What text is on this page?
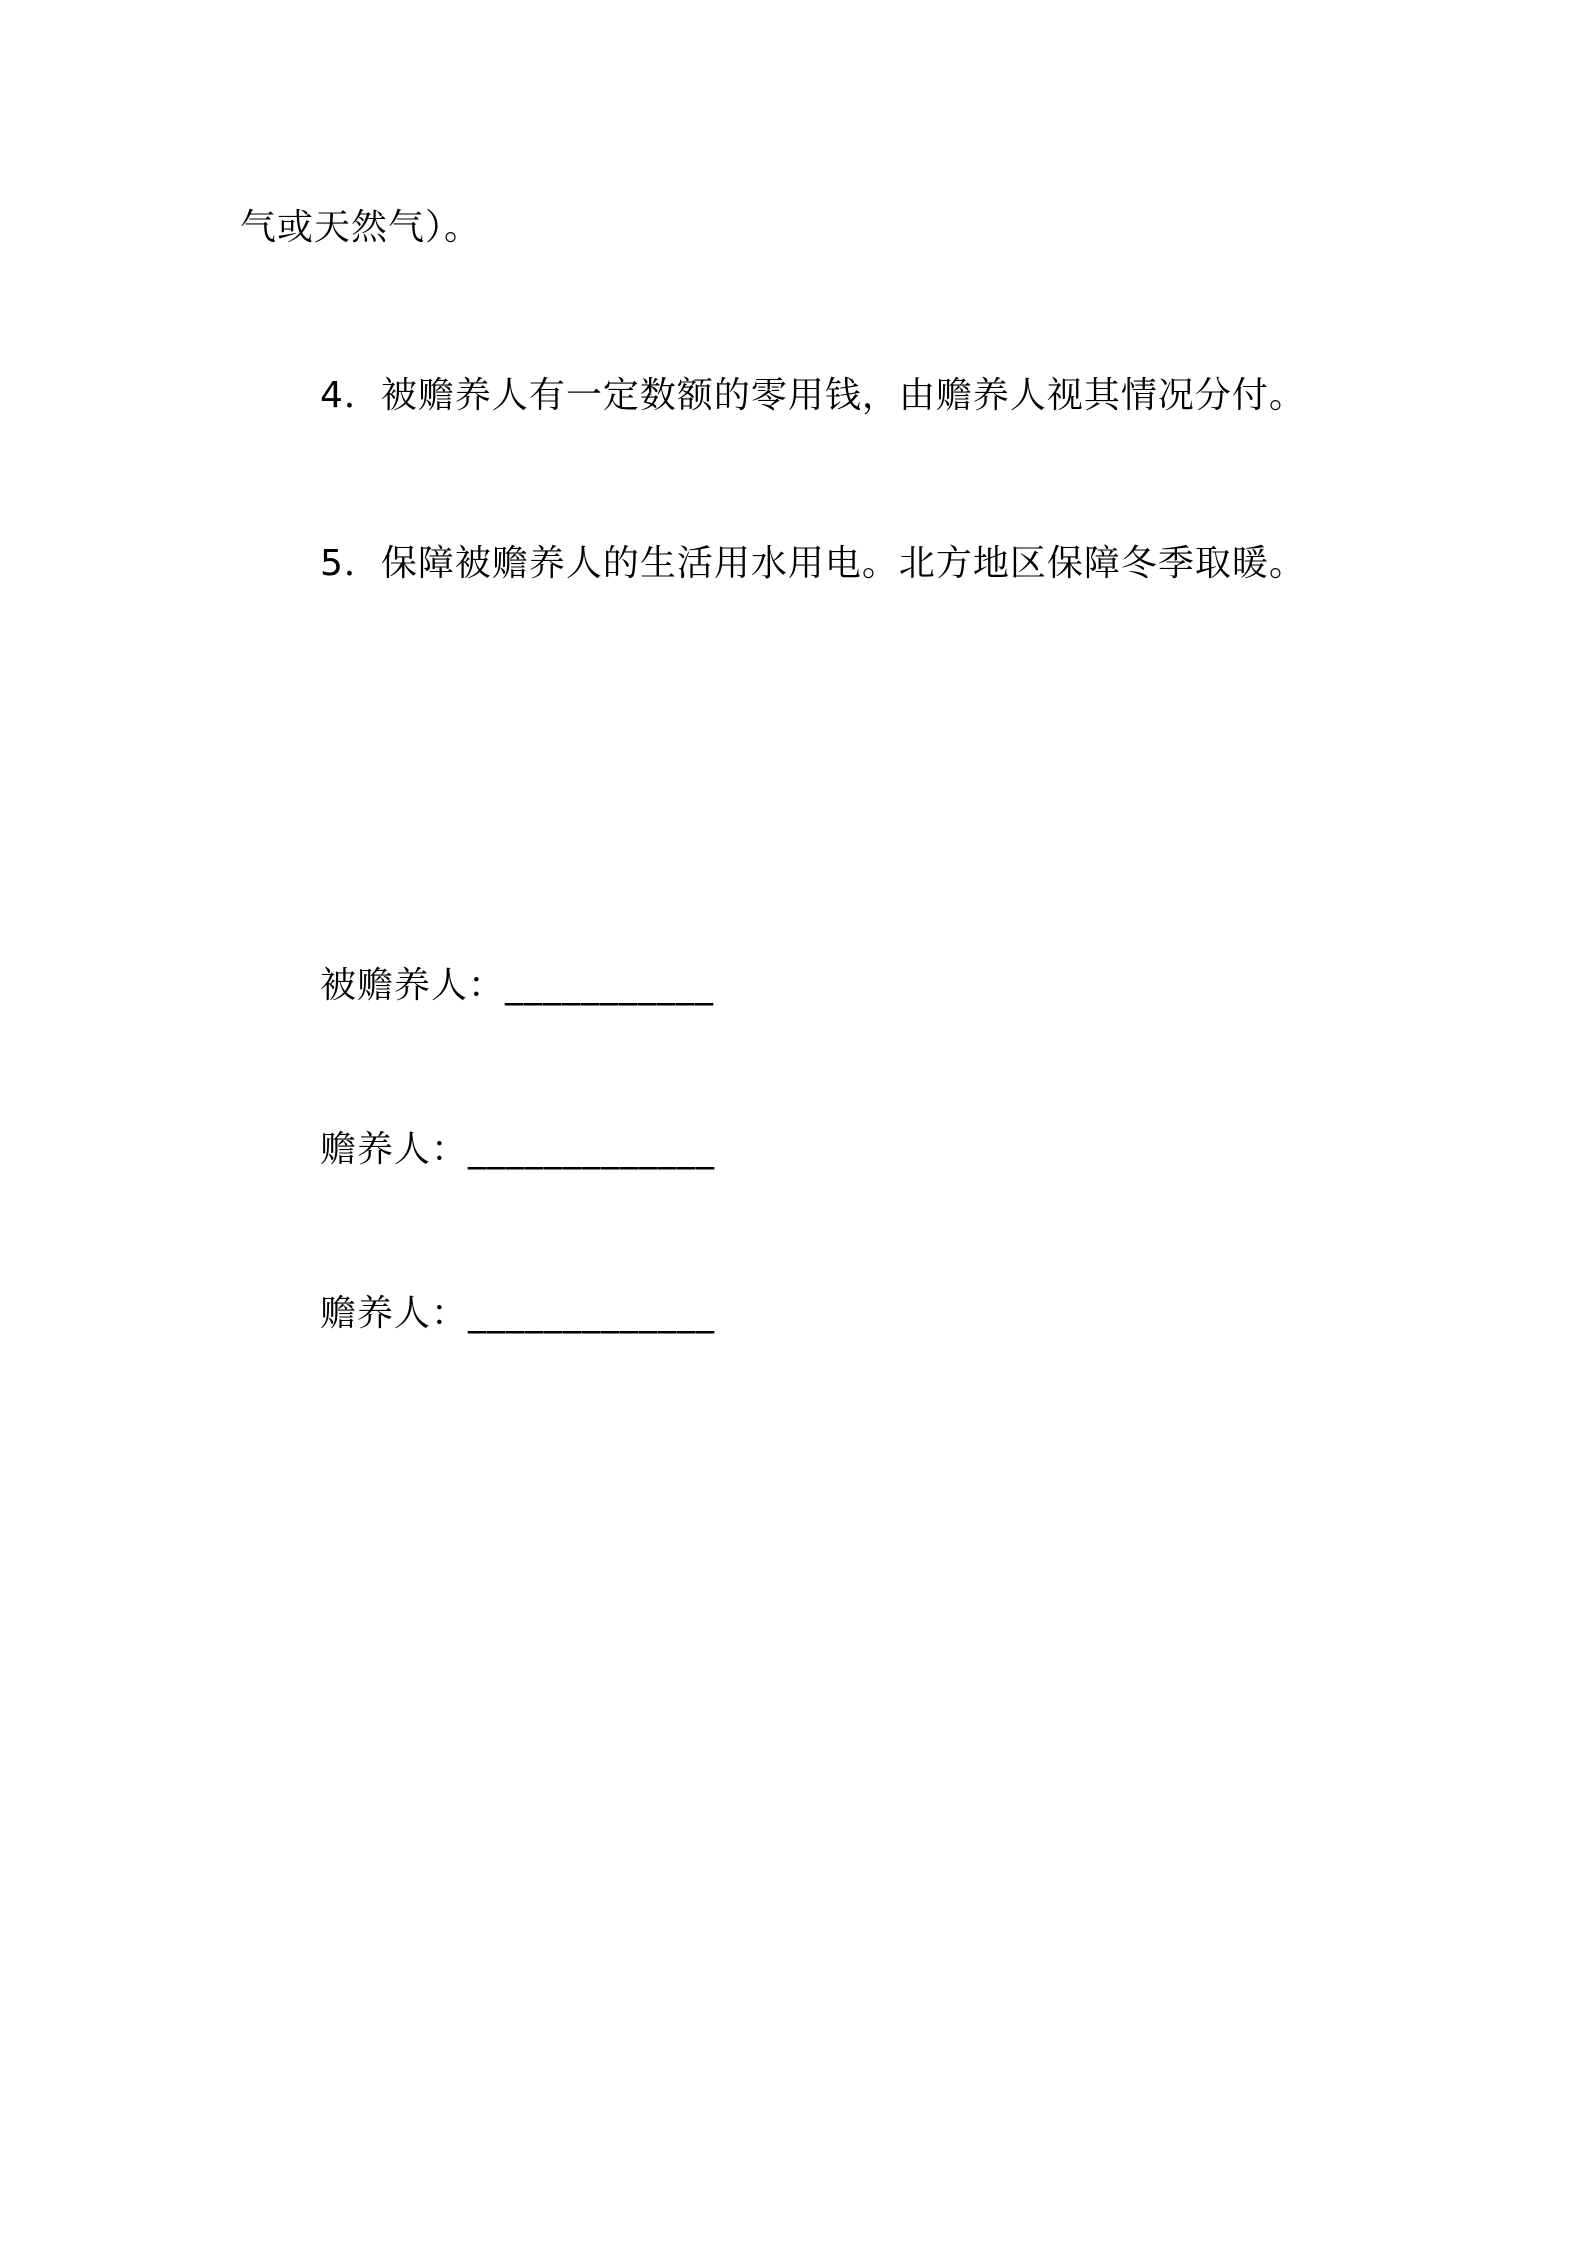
气或天然气）。
4．被赡养人有一定数额的零用钱，由赡养人视其情况分付。
5．保障被赡养人的生活用水用电。北方地区保障冬季取暖。
被赡养人：___________
赡养人：_____________
赡养人：_____________
